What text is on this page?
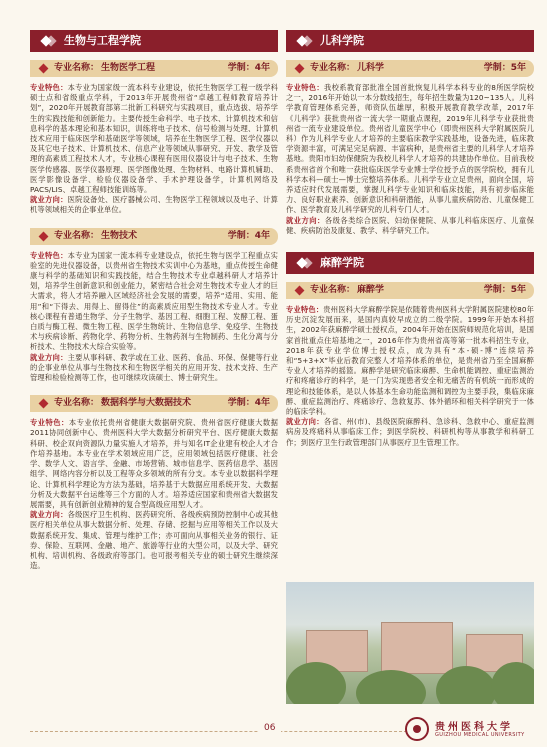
生物与工程学院
专业名称： 生物医学工程	学制：4年
专业特色：本专业为国家级一流本科专业建设，依托生物医学工程一级学科硕士点和省级重点学科，于2013年开展贵州省“卓越工程师教育培养计划”，2020年开展教育部第二批新工科研究与实践项目，重点选拔、培养学生的实践技能和创新能力。主要传授生命科学、电子技术、计算机技术和信息科学的基本理论和基本知识，训练将电子技术、信号检测与处理、计算机技术应用于临床医学和基础医学等领域，培养在生物医学工程、医学仪器以及其它电子技术、计算机技术、信息产业等领域从事研究、开发、教学及管理的高素质工程技术人才，专业核心课程有医用仪器设计与电子技术、生物医学传感器、医学仪器原理、医学图像处理、生物材料、电路计算机辅助、医学影像设备学、检验仪器设备学、手术护理设备学，计算机网络及PACS/LIS、卓越工程师技能训练等。
就业方向：医院设备处、医疗器械公司、生物医学工程领域以及电子、计算机等领域相关的企事业单位。
专业名称： 生物技术	学制：4年
专业特色：本专业为国家一流本科专业建设点，依托生物与医学工程重点实验室的先进仪器设备，以贵州省生物技术实训中心为基地，重点传授生命健康与科学的基础知识和实践技能，结合生物技术专业卓越科研人才培养计划，培养学生创新意识和创业能力，紧密结合社会对生物技术专业人才的巨大需求，将人才培养融入区域经济社会发展的需要，培养“适用、实用、能用”和“下得去、用得上、留得住”的高素质应用型生物技术专业人才。专业核心课程有普通生物学、分子生物学、基因工程、细胞工程、发酵工程、蛋白质与酶工程、微生物工程、医学生物统计、生物信息学、免疫学、生物技术与疾病诊断、药物化学、药物分析、生物药剂与生物制药、生化分离与分析技术、生物技术大综合实验等。
就业方向：主要从事科研、教学或在工业、医药、食品、环保、保健等行业的企事业单位从事与生物技术和生物医学相关的应用开发、技术支持、生产管理和检验检测等工作，也可继续攻读硕士、博士研究生。
专业名称： 数据科学与大数据技术	学制：4年
专业特色：本专业依托贵州省健康大数据研究院、贵州省医疗健康大数据2011协同创新中心、贵州医科大学大数据分析研究平台、医疗健康大数据科研、校企双向资源队力量实施人才培养，并与知名IT企业建有校企人才合作培养基地。本专业在学术领域应用广泛，应用领域包括医疗健康、社会学、数学人文、语言学、金融、市场营销、城市信息学、医药信息学、基因组学、网络内容分析以及工程等众多领域的所有分支。本专业以数据科学理论、计算机科学理论为方法为基础，培养基于大数据应用系统开发、大数据分析及大数据平台运维等三个方面的人才。培养适应国家和贵州省大数据发展需要，具有创新创业精神的复合型高级应用型人才。
就业方向：各级医疗卫生机构、医药研究所、各级疾病预防控制中心或其他医疗相关单位从事大数据分析、处理、存储、挖掘与应用等相关工作以及大数据系统开发、集成、管理与维护工作；亦可面向从事相关业务的银行、证券、保险、互联网、金融、地产、旅游等行业的大型公司，以及大学、研究机构、培训机构、各级政府等部门。也可报考相关专业的硕士研究生继续深造。
儿科学院
专业名称： 儿科学	学制：5年
专业特色：我校系教育部批准全国首批恢复儿科学本科专业的8所医学院校之一，2016年开始以一本分数线招生，每年招生数量为120~135人。儿科学教育管理体系完善，师资队伍雄厚，积极开展教育教学改革，2017年《儿科学》获批贵州省一流大学一期重点课程，2019年儿科学专业获批贵州省一流专业建设单位。贵州省儿童医学中心（即贵州医科大学附属医院儿科）作为儿科学专业人才培养的主要临床教学实践基地，设备先进，临床教学资源丰富，可满足完足病源、丰富病种，是贵州省主要的儿科学人才培养基地。贵阳市妇幼保健院为我校儿科学人才培养的共建协作单位。目前我校系贵州省首个和唯一获批临床医学专业博士学位授予点的医学院校，拥有儿科学本科—硕士—博士完整培养体系。儿科学专业立足贵州，面向全国，培养适应时代发展需要，掌握儿科学专业知识和临床技能，具有初步临床能力、良好职业素养、创新意识和科研潜能，从事儿童疾病防治、儿童保健工作、医学教育及儿科学研究的儿科专门人才。
就业方向：各级各类综合医院、妇幼保健院、从事儿科临床医疗、儿童保健、疾病防治及康复、教学、科学研究工作。
麻醉学院
专业名称： 麻醉学	学制：5年
专业特色：贵州医科大学麻醉学院是依随着贵州医科大学附属医院建校80年历史沉淀发展而来，是国内真较早成立的二级学院。1999年开始本科招生，2002年获麻醉学硕士授权点，2004年开始在医院师规范化培训，是国家首批重点住培基地之一，2016年作为贵州省高等第一批本科招生专业，2018年获专业学位博士授权点，成为具有“本-硕-博”连续培养和“5+3+X”毕业后教育完整人才培养体系的单位，是贵州省乃至全国麻醉专业人才培养的摇篮。麻醉学是研究临床麻醉、生命机能调控、重症监测治疗和疼痛诊疗的科学，是一门为实现患者安全和无痛苦的有机统一而形成的理论和技能体系，是以人体基本生命功能监测和调控为主要手段，集临床麻醉、重症监测治疗、疼痛诊疗、急救复苏、体外循环和相关科学研究于一体的临床学科。
就业方向：各省、州(市)、县级医院麻醉科、急诊科、急救中心、重症监测病房及疼痛科从事临床工作；到医学院校、科研机构等从事教学和科研工作；到医疗卫生行政管理部门从事医疗卫生管理工作。
06	贵州医科大学
GUIZHOU MEDICAL UNIVERSITY
